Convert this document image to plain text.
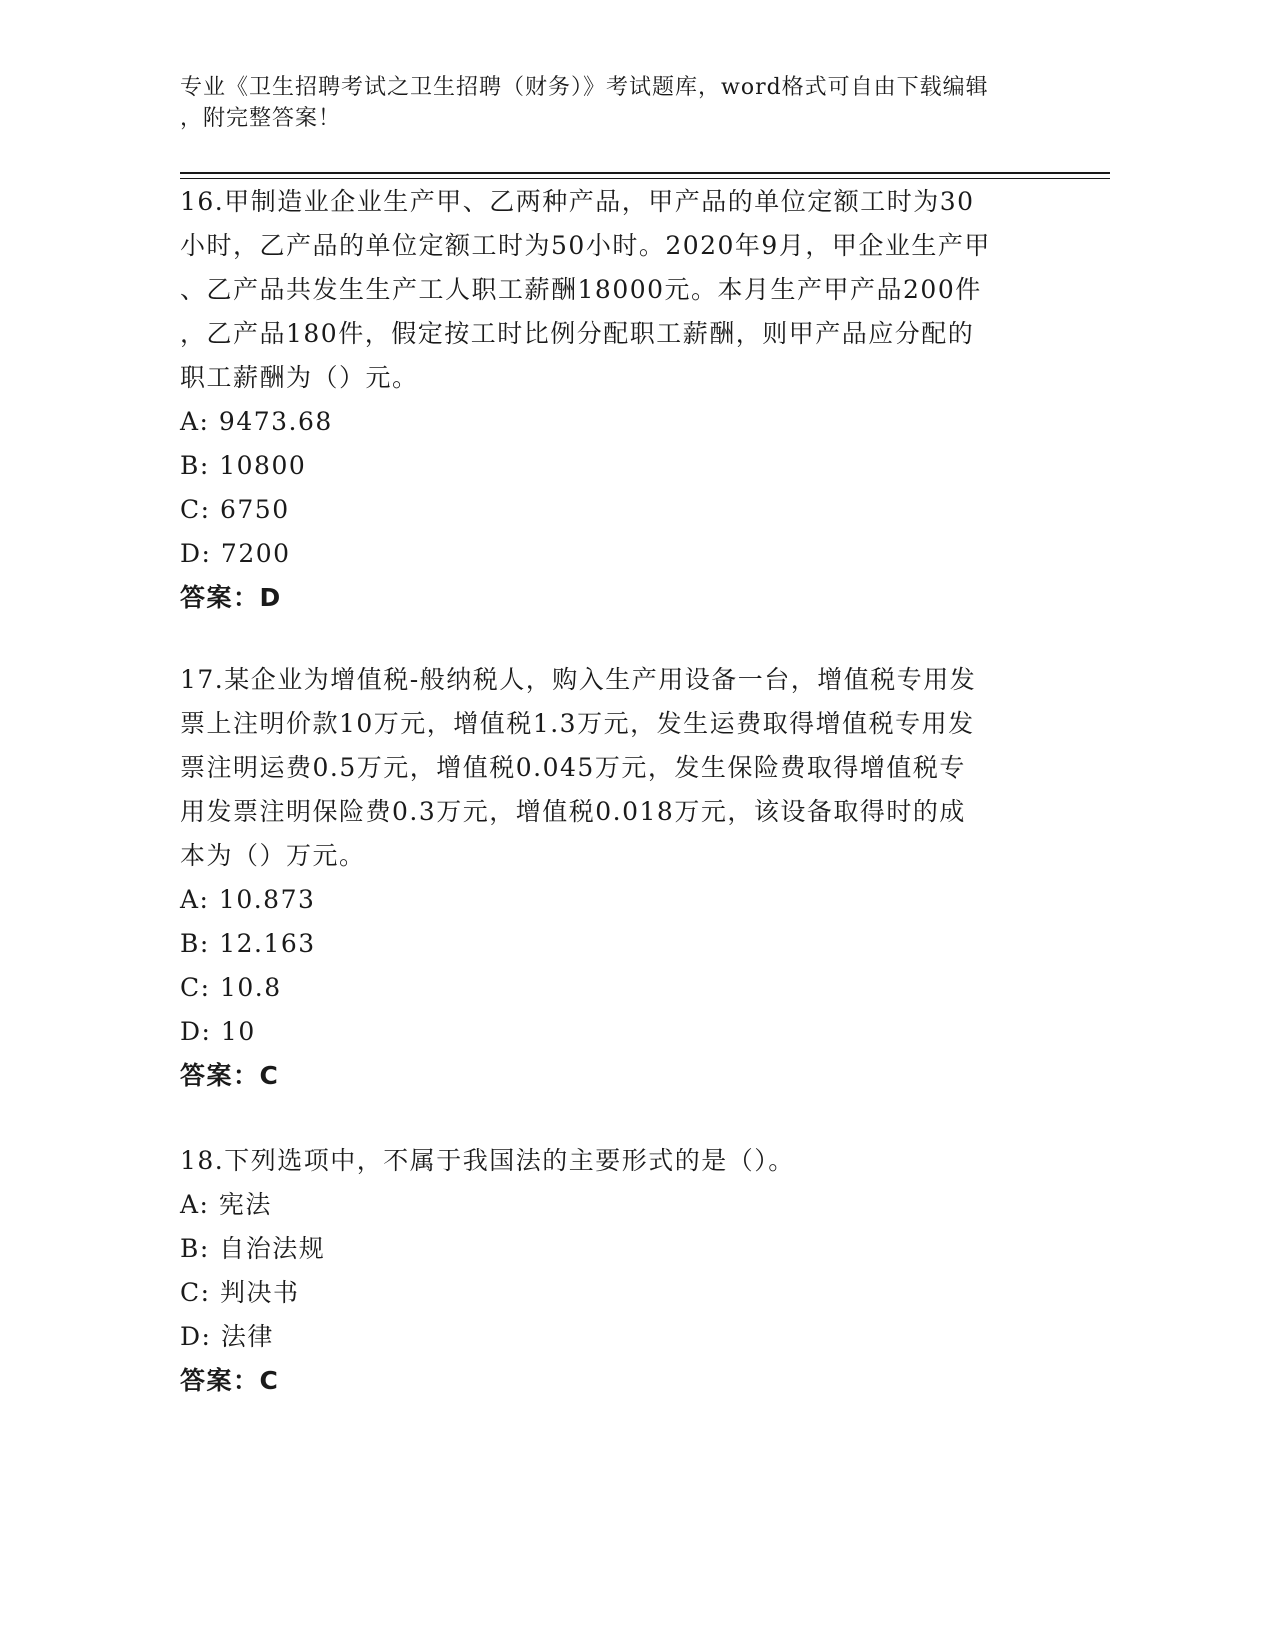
专业《卫生招聘考试之卫生招聘（财务）》考试题库，word格式可自由下载编辑
，附完整答案！
16.甲制造业企业生产甲、乙两种产品，甲产品的单位定额工时为30
小时，乙产品的单位定额工时为50小时。2020年9月，甲企业生产甲
、乙产品共发生生产工人职工薪酬18000元。本月生产甲产品200件
，乙产品180件，假定按工时比例分配职工薪酬，则甲产品应分配的
职工薪酬为（）元。
A: 9473.68
B: 10800
C: 6750
D: 7200
答案：D
17.某企业为增值税-般纳税人，购入生产用设备一台，增值税专用发
票上注明价款10万元，增值税1.3万元，发生运费取得增值税专用发
票注明运费0.5万元，增值税0.045万元，发生保险费取得增值税专
用发票注明保险费0.3万元，增值税0.018万元，该设备取得时的成
本为（）万元。
A: 10.873
B: 12.163
C: 10.8
D: 10
答案：C
18.下列选项中，不属于我国法的主要形式的是（）。
A: 宪法
B: 自治法规
C: 判决书
D: 法律
答案：C
